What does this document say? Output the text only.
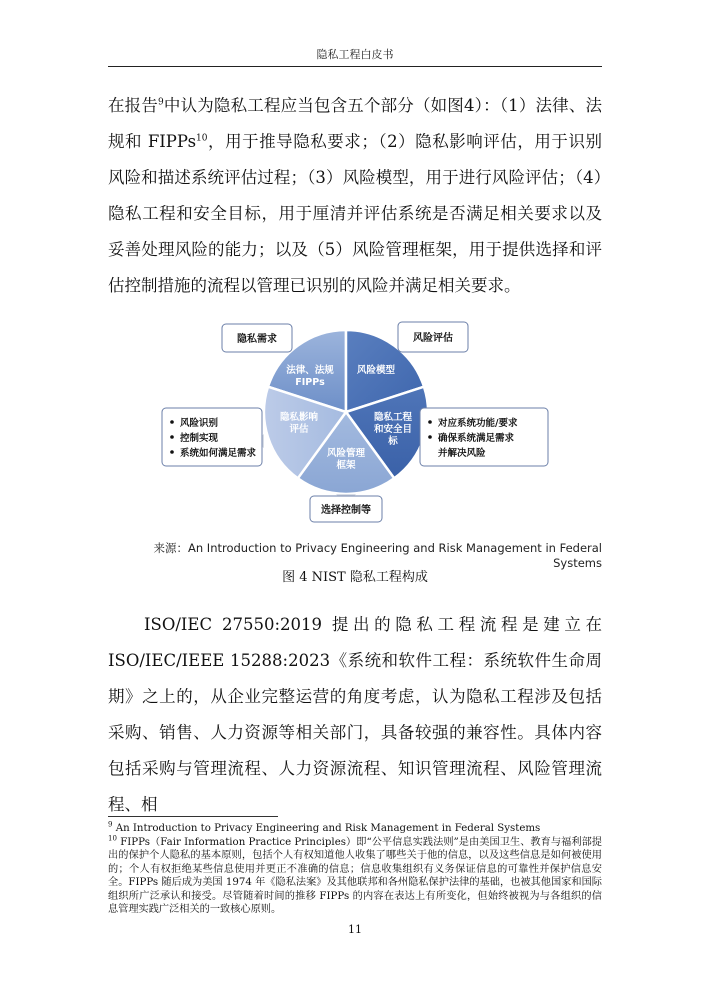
隐私工程白皮书

在报告$^9$中认为隐私工程应当包含五个部分（如图4）：（1）法律、法规和 FIPPs$^{10}$，用于推导隐私要求；（2）隐私影响评估，用于识别风险和描述系统评估过程；（3）风险模型，用于进行风险评估；（4）隐私工程和安全目标，用于厘清并评估系统是否满足相关要求以及妥善处理风险的能力；以及（5）风险管理框架，用于提供选择和评估控制措施的流程以管理已识别的风险并满足相关要求。

法律、法规
FIPPs
风险模型
隐私工程
和安全目
标
风险管理
框架
隐私影响
评估
隐私需求	风险评估
选择控制等
风险识别
控制实现
系统如何满足需求
对应系统功能/要求
确保系统满足需求
并解决风险
来源：An Introduction to Privacy Engineering and Risk Management in Federal Systems
图 4 NIST 隐私工程构成

ISO/IEC 27550:2019 提出的隐私工程流程是建立在 ISO/IEC/IEEE 15288:2023《系统和软件工程：系统软件生命周期》之上的，从企业完整运营的角度考虑，认为隐私工程涉及包括采购、销售、人力资源等相关部门，具备较强的兼容性。具体内容包括采购与管理流程、人力资源流程、知识管理流程、风险管理流程、相

$^9$ An Introduction to Privacy Engineering and Risk Management in Federal Systems

$^{10}$ FIPPs（Fair Information Practice Principles）即“公平信息实践法则”是由美国卫生、教育与福利部提出的保护个人隐私的基本原则，包括个人有权知道他人收集了哪些关于他的信息，以及这些信息是如何被使用的；个人有权拒绝某些信息使用并更正不准确的信息；信息收集组织有义务保证信息的可靠性并保护信息安全。FIPPs 随后成为美国 1974 年《隐私法案》及其他联邦和各州隐私保护法律的基础，也被其他国家和国际组织所广泛承认和接受。尽管随着时间的推移 FIPPs 的内容在表达上有所变化，但始终被视为与各组织的信息管理实践广泛相关的一致核心原则。

11
